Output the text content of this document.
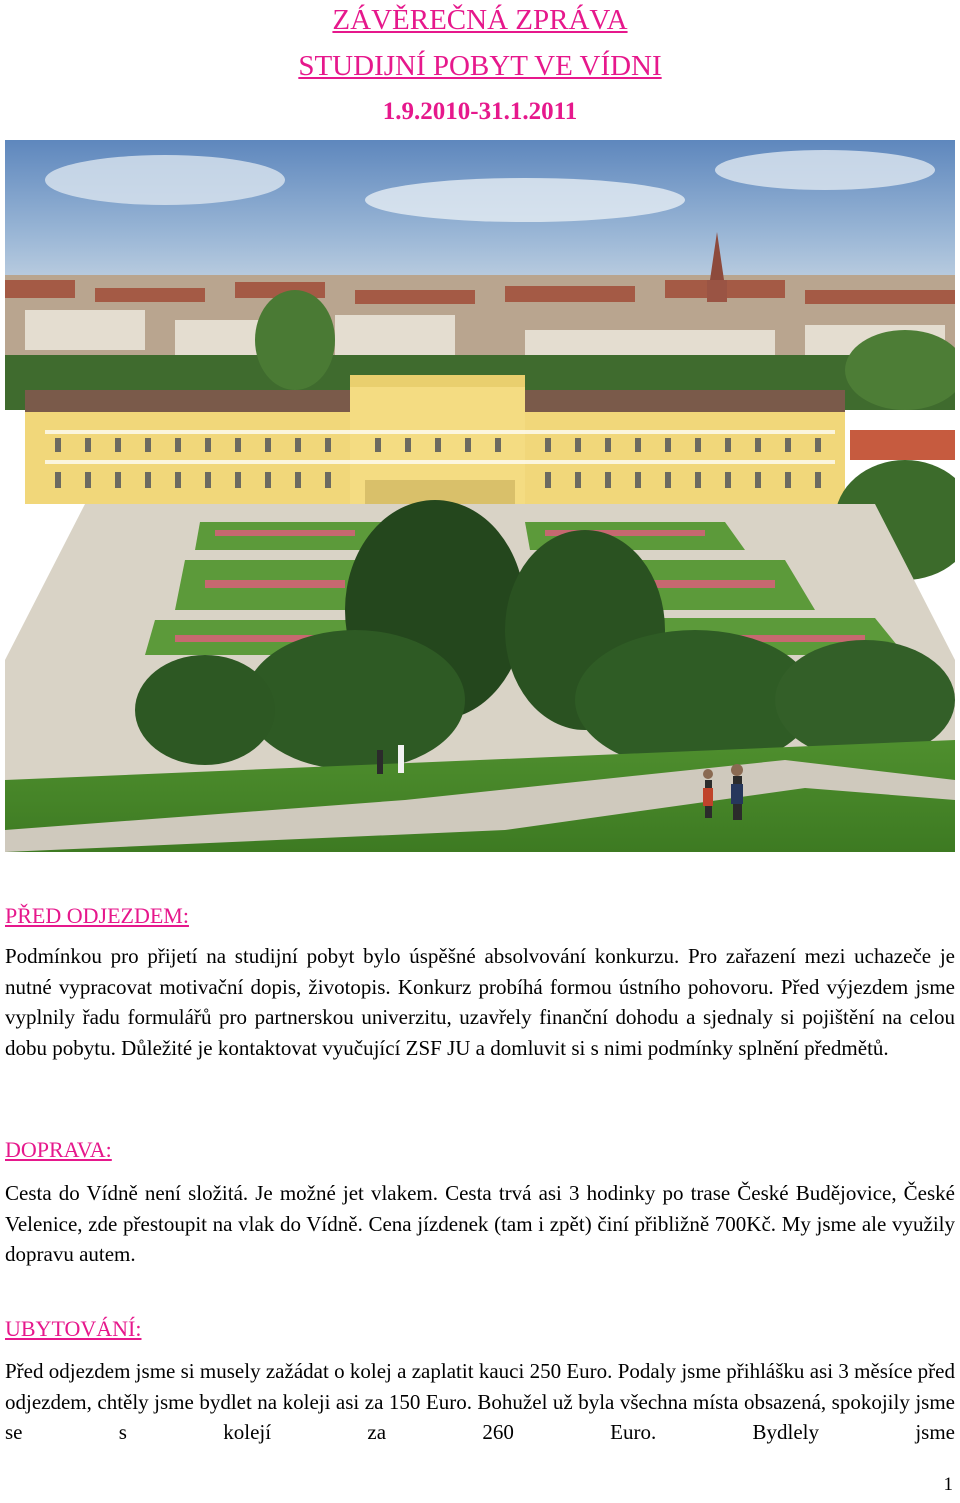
ZÁVĚREČNÁ ZPRÁVA
STUDIJNÍ POBYT VE VÍDNI
1.9.2010-31.1.2011
PŘED ODJEZDEM:

Podmínkou pro přijetí na studijní pobyt bylo úspěšné absolvování konkurzu. Pro zařazení mezi uchazeče je nutné vypracovat motivační dopis, životopis. Konkurz probíhá formou ústního pohovoru. Před výjezdem jsme vyplnily řadu formulářů pro partnerskou univerzitu, uzavřely finanční dohodu a sjednaly si pojištění na celou dobu pobytu. Důležité je kontaktovat vyučující ZSF JU a domluvit si s nimi podmínky splnění předmětů.

DOPRAVA:

Cesta do Vídně není složitá. Je možné jet vlakem. Cesta trvá asi 3 hodinky po trase České Budějovice, České Velenice, zde přestoupit na vlak do Vídně. Cena jízdenek (tam i zpět) činí přibližně 700Kč. My jsme ale využily dopravu autem.

UBYTOVÁNÍ:

Před odjezdem jsme si musely zažádat o kolej a zaplatit kauci 250 Euro. Podaly jsme přihlášku asi 3 měsíce před odjezdem, chtěly jsme bydlet na koleji asi za 150 Euro. Bohužel už byla všechna místa obsazená, spokojily jsme se s kolejí za 260 Euro. Bydlely jsme

1
